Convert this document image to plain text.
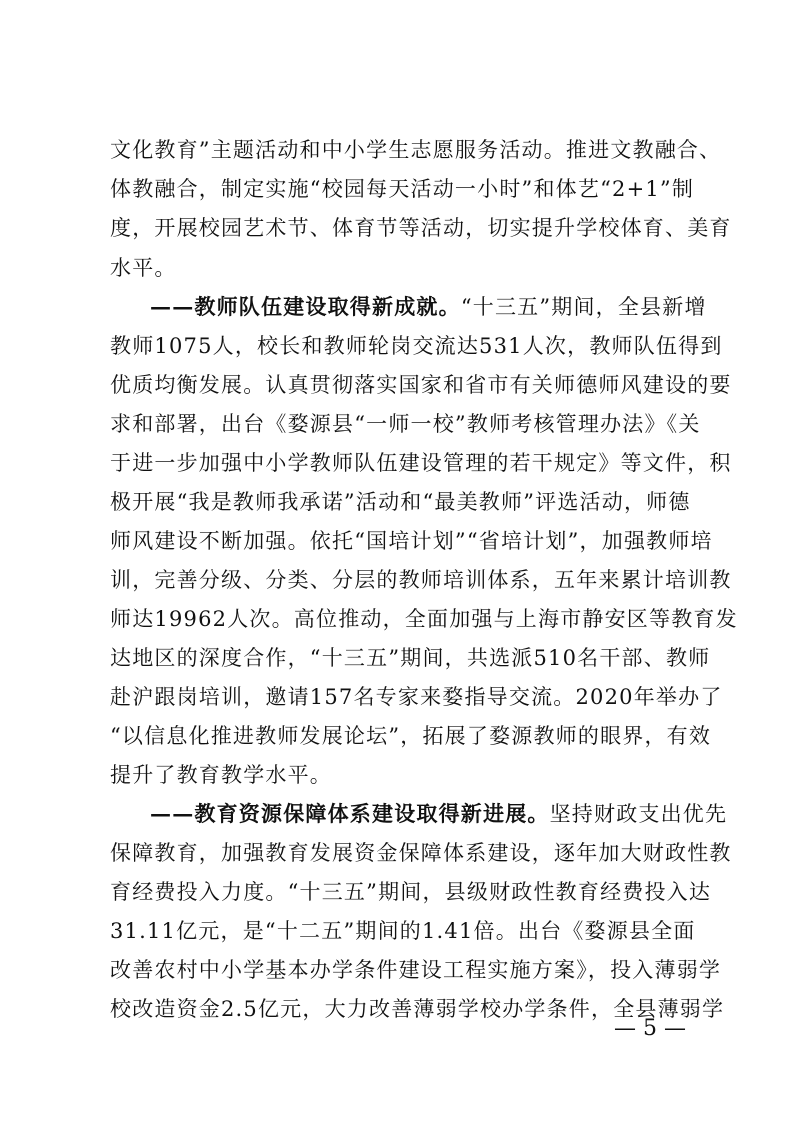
文化教育”主题活动和中小学生志愿服务活动。推进文教融合、
体教融合，制定实施“校园每天活动一小时”和体艺“2+1”制
度，开展校园艺术节、体育节等活动，切实提升学校体育、美育
水平。
——教师队伍建设取得新成就。“十三五”期间，全县新增
教师1075人，校长和教师轮岗交流达531人次，教师队伍得到
优质均衡发展。认真贯彻落实国家和省市有关师德师风建设的要
求和部署，出台《婺源县“一师一校”教师考核管理办法》《关
于进一步加强中小学教师队伍建设管理的若干规定》等文件，积
极开展“我是教师我承诺”活动和“最美教师”评选活动，师德
师风建设不断加强。依托“国培计划”“省培计划”，加强教师培
训，完善分级、分类、分层的教师培训体系，五年来累计培训教
师达19962人次。高位推动，全面加强与上海市静安区等教育发
达地区的深度合作，“十三五”期间，共选派510名干部、教师
赴沪跟岗培训，邀请157名专家来婺指导交流。2020年举办了
“以信息化推进教师发展论坛”，拓展了婺源教师的眼界，有效
提升了教育教学水平。
——教育资源保障体系建设取得新进展。坚持财政支出优先
保障教育，加强教育发展资金保障体系建设，逐年加大财政性教
育经费投入力度。“十三五”期间，县级财政性教育经费投入达
31.11亿元，是“十二五”期间的1.41倍。出台《婺源县全面
改善农村中小学基本办学条件建设工程实施方案》，投入薄弱学
校改造资金2.5亿元，大力改善薄弱学校办学条件，全县薄弱学
— 5 —
